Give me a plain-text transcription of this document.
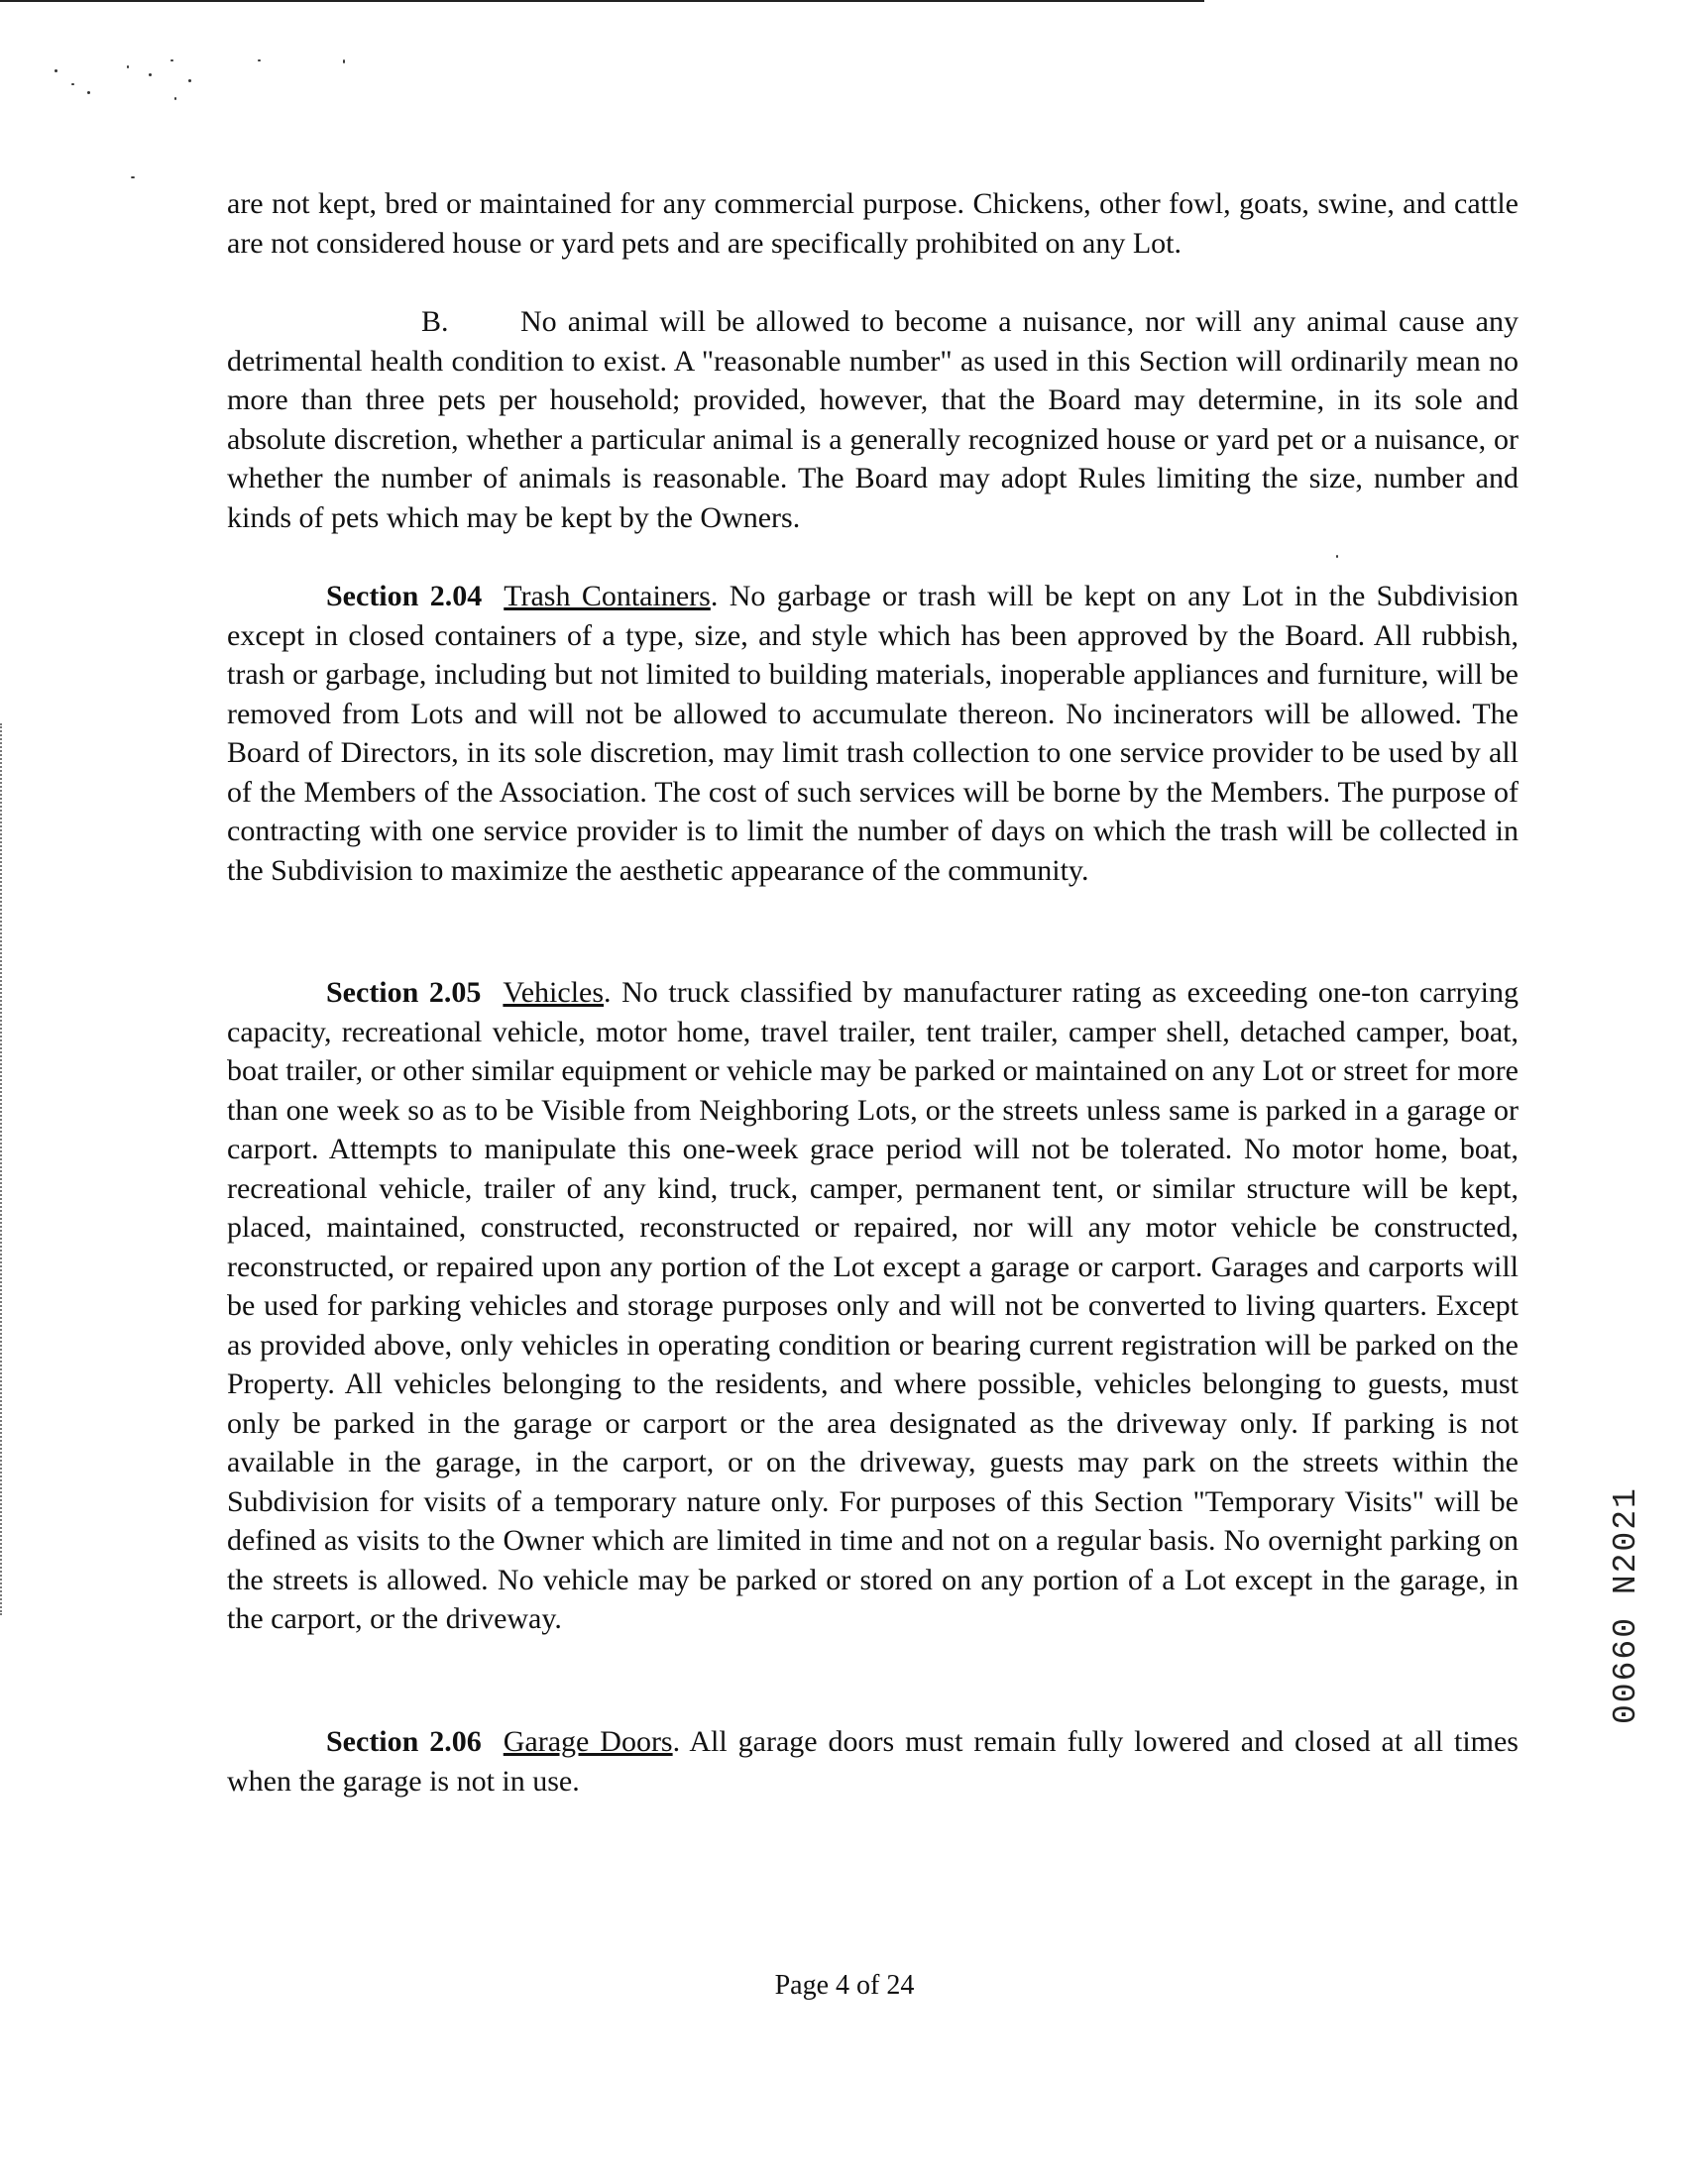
are not kept, bred or maintained for any commercial purpose. Chickens, other fowl, goats, swine, and cattle are not considered house or yard pets and are specifically prohibited on any Lot.

B. No animal will be allowed to become a nuisance, nor will any animal cause any detrimental health condition to exist. A "reasonable number" as used in this Section will ordinarily mean no more than three pets per household; provided, however, that the Board may determine, in its sole and absolute discretion, whether a particular animal is a generally recognized house or yard pet or a nuisance, or whether the number of animals is reasonable. The Board may adopt Rules limiting the size, number and kinds of pets which may be kept by the Owners.

Section 2.04 Trash Containers. No garbage or trash will be kept on any Lot in the Subdivision except in closed containers of a type, size, and style which has been approved by the Board. All rubbish, trash or garbage, including but not limited to building materials, inoperable appliances and furniture, will be removed from Lots and will not be allowed to accumulate thereon. No incinerators will be allowed. The Board of Directors, in its sole discretion, may limit trash collection to one service provider to be used by all of the Members of the Association. The cost of such services will be borne by the Members. The purpose of contracting with one service provider is to limit the number of days on which the trash will be collected in the Subdivision to maximize the aesthetic appearance of the community.

Section 2.05 Vehicles. No truck classified by manufacturer rating as exceeding one-ton carrying capacity, recreational vehicle, motor home, travel trailer, tent trailer, camper shell, detached camper, boat, boat trailer, or other similar equipment or vehicle may be parked or maintained on any Lot or street for more than one week so as to be Visible from Neighboring Lots, or the streets unless same is parked in a garage or carport. Attempts to manipulate this one-week grace period will not be tolerated. No motor home, boat, recreational vehicle, trailer of any kind, truck, camper, permanent tent, or similar structure will be kept, placed, maintained, constructed, reconstructed or repaired, nor will any motor vehicle be constructed, reconstructed, or repaired upon any portion of the Lot except a garage or carport. Garages and carports will be used for parking vehicles and storage purposes only and will not be converted to living quarters. Except as provided above, only vehicles in operating condition or bearing current registration will be parked on the Property. All vehicles belonging to the residents, and where possible, vehicles belonging to guests, must only be parked in the garage or carport or the area designated as the driveway only. If parking is not available in the garage, in the carport, or on the driveway, guests may park on the streets within the Subdivision for visits of a temporary nature only. For purposes of this Section "Temporary Visits" will be defined as visits to the Owner which are limited in time and not on a regular basis. No overnight parking on the streets is allowed. No vehicle may be parked or stored on any portion of a Lot except in the garage, in the carport, or the driveway.

Section 2.06 Garage Doors. All garage doors must remain fully lowered and closed at all times when the garage is not in use.

Page 4 of 24

00660 N2021
